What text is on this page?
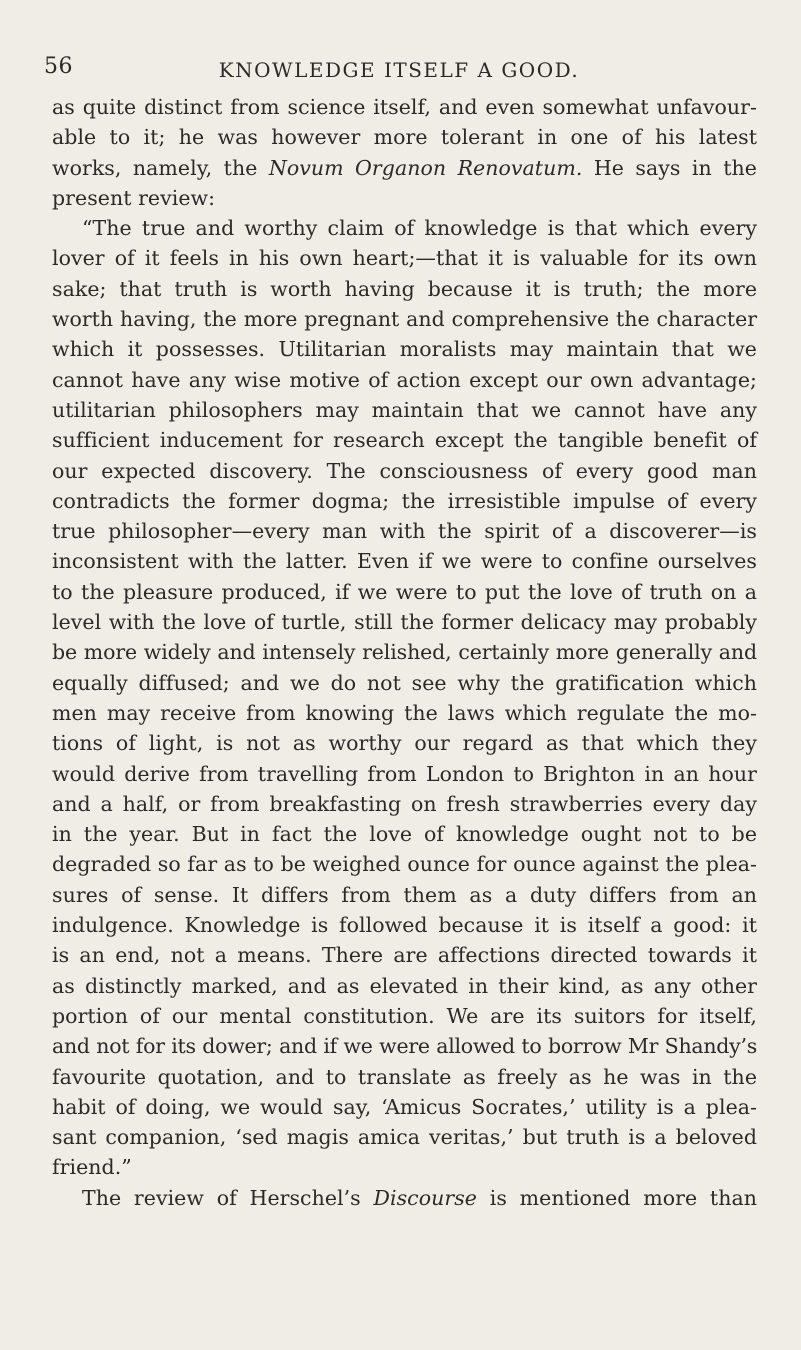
56	KNOWLEDGE ITSELF A GOOD.

as quite distinct from science itself, and even somewhat unfavour-
able to it; he was however more tolerant in one of his latest
works, namely, the Novum Organon Renovatum. He says in the
present review:

“The true and worthy claim of knowledge is that which every
lover of it feels in his own heart;—that it is valuable for its own
sake; that truth is worth having because it is truth; the more
worth having, the more pregnant and comprehensive the character
which it possesses. Utilitarian moralists may maintain that we
cannot have any wise motive of action except our own advantage;
utilitarian philosophers may maintain that we cannot have any
sufficient inducement for research except the tangible benefit of
our expected discovery. The consciousness of every good man
contradicts the former dogma; the irresistible impulse of every
true philosopher—every man with the spirit of a discoverer—is
inconsistent with the latter. Even if we were to confine ourselves
to the pleasure produced, if we were to put the love of truth on a
level with the love of turtle, still the former delicacy may probably
be more widely and intensely relished, certainly more generally and
equally diffused; and we do not see why the gratification which
men may receive from knowing the laws which regulate the mo-
tions of light, is not as worthy our regard as that which they
would derive from travelling from London to Brighton in an hour
and a half, or from breakfasting on fresh strawberries every day
in the year. But in fact the love of knowledge ought not to be
degraded so far as to be weighed ounce for ounce against the plea-
sures of sense. It differs from them as a duty differs from an
indulgence. Knowledge is followed because it is itself a good: it
is an end, not a means. There are affections directed towards it
as distinctly marked, and as elevated in their kind, as any other
portion of our mental constitution. We are its suitors for itself,
and not for its dower; and if we were allowed to borrow Mr Shandy’s
favourite quotation, and to translate as freely as he was in the
habit of doing, we would say, ‘Amicus Socrates,’ utility is a plea-
sant companion, ‘sed magis amica veritas,’ but truth is a beloved
friend.”

The review of Herschel’s Discourse is mentioned more than
